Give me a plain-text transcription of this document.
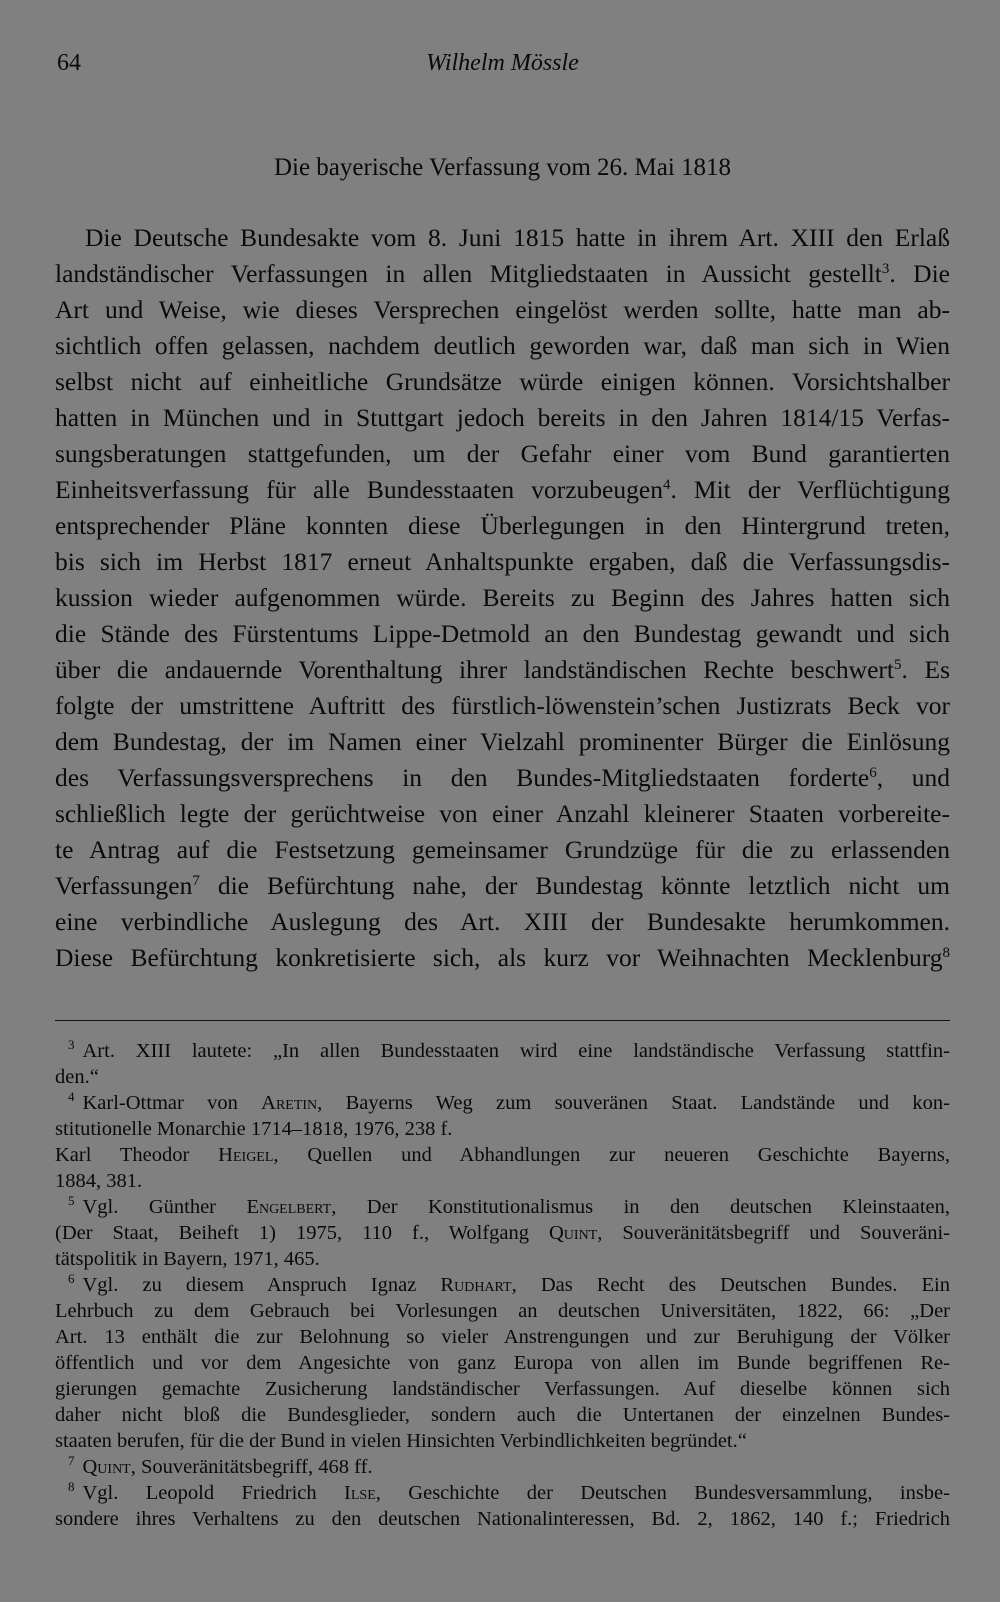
64	Wilhelm Mössle
Die bayerische Verfassung vom 26. Mai 1818
Die Deutsche Bundesakte vom 8. Juni 1815 hatte in ihrem Art. XIII den Erlaß
landständischer Verfassungen in allen Mitgliedstaaten in Aussicht gestellt$^3$. Die
Art und Weise, wie dieses Versprechen eingelöst werden sollte, hatte man ab-
sichtlich offen gelassen, nachdem deutlich geworden war, daß man sich in Wien
selbst nicht auf einheitliche Grundsätze würde einigen können. Vorsichtshalber
hatten in München und in Stuttgart jedoch bereits in den Jahren 1814/15 Verfas-
sungsberatungen stattgefunden, um der Gefahr einer vom Bund garantierten
Einheitsverfassung für alle Bundesstaaten vorzubeugen$^4$. Mit der Verflüchtigung
entsprechender Pläne konnten diese Überlegungen in den Hintergrund treten,
bis sich im Herbst 1817 erneut Anhaltspunkte ergaben, daß die Verfassungsdis-
kussion wieder aufgenommen würde. Bereits zu Beginn des Jahres hatten sich
die Stände des Fürstentums Lippe-Detmold an den Bundestag gewandt und sich
über die andauernde Vorenthaltung ihrer landständischen Rechte beschwert$^5$. Es
folgte der umstrittene Auftritt des fürstlich-löwenstein’schen Justizrats Beck vor
dem Bundestag, der im Namen einer Vielzahl prominenter Bürger die Einlösung
des Verfassungsversprechens in den Bundes-Mitgliedstaaten forderte$^6$, und
schließlich legte der gerüchtweise von einer Anzahl kleinerer Staaten vorbereite-
te Antrag auf die Festsetzung gemeinsamer Grundzüge für die zu erlassenden
Verfassungen$^7$ die Befürchtung nahe, der Bundestag könnte letztlich nicht um
eine verbindliche Auslegung des Art. XIII der Bundesakte herumkommen.
Diese Befürchtung konkretisierte sich, als kurz vor Weihnachten Mecklenburg$^8$
$^3$ Art. XIII lautete: „In allen Bundesstaaten wird eine landständische Verfassung stattfin-
den.“
$^4$ Karl-Ottmar von Aretin, Bayerns Weg zum souveränen Staat. Landstände und kon-
stitutionelle Monarchie 1714–1818, 1976, 238 f.
Karl Theodor Heigel, Quellen und Abhandlungen zur neueren Geschichte Bayerns,
1884, 381.
$^5$ Vgl. Günther Engelbert, Der Konstitutionalismus in den deutschen Kleinstaaten,
(Der Staat, Beiheft 1) 1975, 110 f., Wolfgang Quint, Souveränitätsbegriff und Souveräni-
tätspolitik in Bayern, 1971, 465.
$^6$ Vgl. zu diesem Anspruch Ignaz Rudhart, Das Recht des Deutschen Bundes. Ein
Lehrbuch zu dem Gebrauch bei Vorlesungen an deutschen Universitäten, 1822, 66: „Der
Art. 13 enthält die zur Belohnung so vieler Anstrengungen und zur Beruhigung der Völker
öffentlich und vor dem Angesichte von ganz Europa von allen im Bunde begriffenen Re-
gierungen gemachte Zusicherung landständischer Verfassungen. Auf dieselbe können sich
daher nicht bloß die Bundesglieder, sondern auch die Untertanen der einzelnen Bundes-
staaten berufen, für die der Bund in vielen Hinsichten Verbindlichkeiten begründet.“
$^7$ Quint, Souveränitätsbegriff, 468 ff.
$^8$ Vgl. Leopold Friedrich Ilse, Geschichte der Deutschen Bundesversammlung, insbe-
sondere ihres Verhaltens zu den deutschen Nationalinteressen, Bd. 2, 1862, 140 f.; Friedrich
